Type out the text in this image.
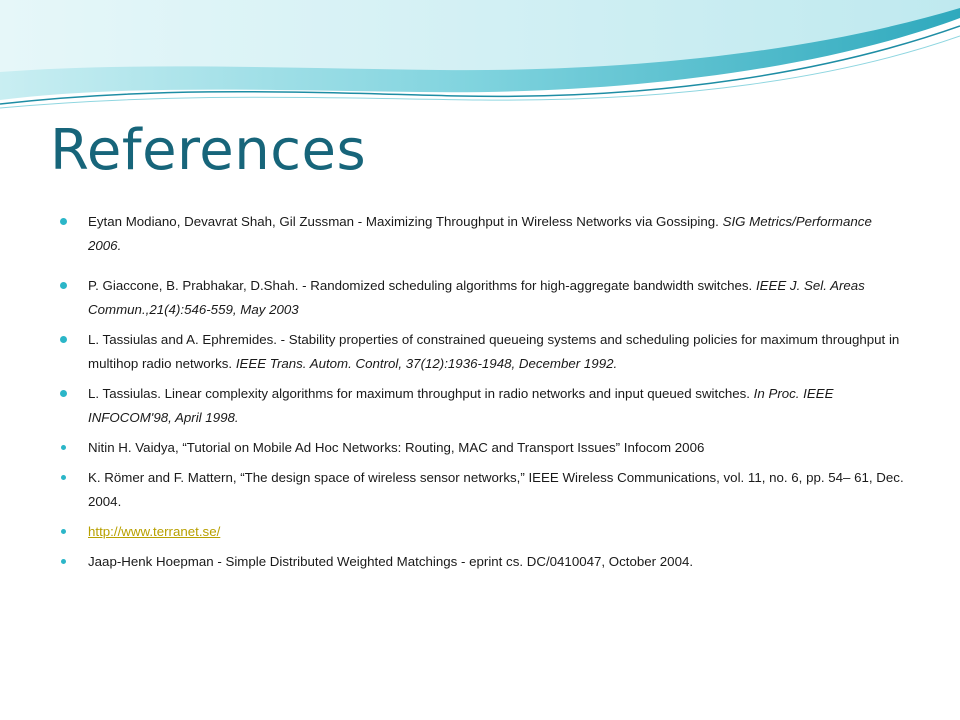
References
Eytan Modiano, Devavrat Shah, Gil Zussman - Maximizing Throughput in Wireless Networks via Gossiping. SIG Metrics/Performance 2006.
P. Giaccone, B. Prabhakar, D.Shah. - Randomized scheduling algorithms for high-aggregate bandwidth switches. IEEE J. Sel. Areas Commun.,21(4):546-559, May 2003
L. Tassiulas and A. Ephremides. - Stability properties of constrained queueing systems and scheduling policies for maximum throughput in multihop radio networks. IEEE Trans. Autom. Control, 37(12):1936-1948, December 1992.
L. Tassiulas. Linear complexity algorithms for maximum throughput in radio networks and input queued switches. In Proc. IEEE INFOCOM'98, April 1998.
Nitin H. Vaidya, “Tutorial on Mobile Ad Hoc Networks: Routing, MAC and Transport Issues” Infocom 2006
K. Römer and F. Mattern, “The design space of wireless sensor networks,” IEEE Wireless Communications, vol. 11, no. 6, pp. 54– 61, Dec. 2004.
http://www.terranet.se/
Jaap-Henk Hoepman - Simple Distributed Weighted Matchings - eprint cs. DC/0410047, October 2004.
